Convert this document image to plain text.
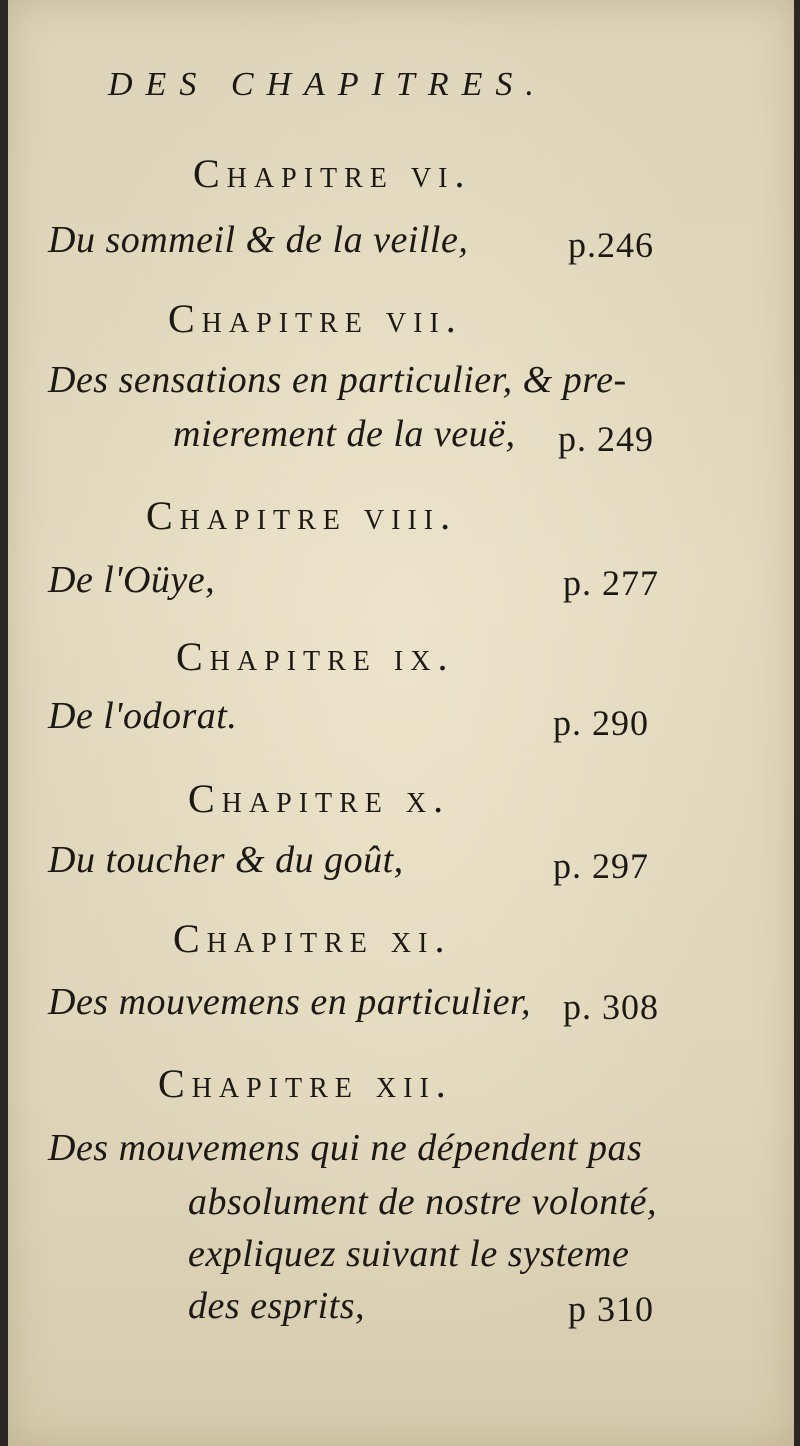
DES CHAPITRES.
Chapitre vi.
Du sommeil & de la veille,	p.246
Chapitre vii.
Des sensations en particulier, & pre-
mierement de la veuë, p. 249
Chapitre viii.
De l'Oüye,	p. 277
Chapitre ix.
De l'odorat.	p. 290
Chapitre x.
Du toucher & du goût,	p. 297
Chapitre xi.
Des mouvemens en particulier, p. 308
Chapitre xii.
Des mouvemens qui ne dépendent pas
absolument de nostre volonté,
expliquez suivant le systeme
des esprits,	p 310
